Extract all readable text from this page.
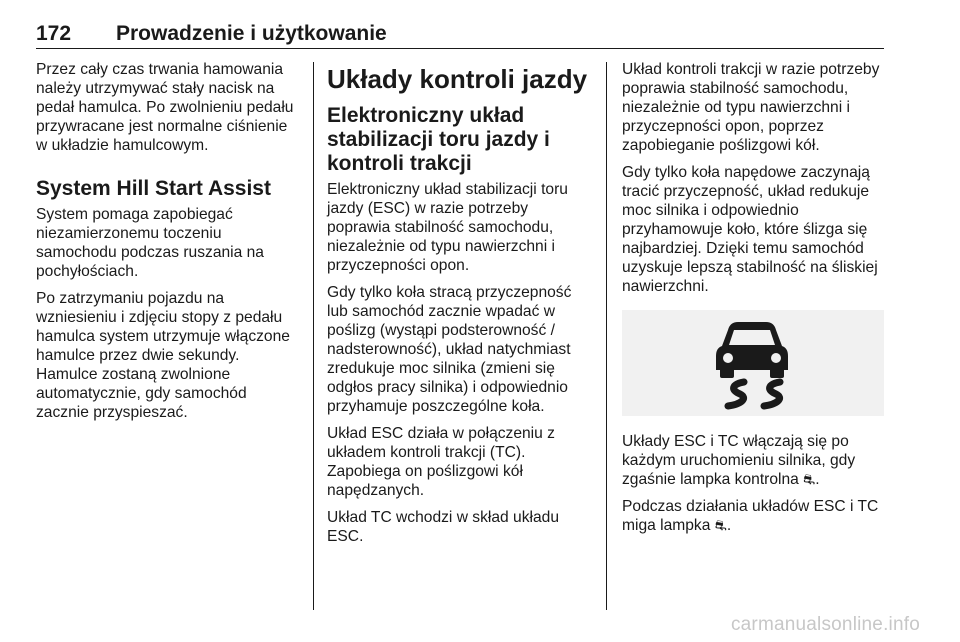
172 Prowadzenie i użytkowanie

Przez cały czas trwania hamowania należy utrzymywać stały nacisk na pedał hamulca. Po zwolnieniu pedału przywracane jest normalne ciśnienie w układzie hamulcowym.

System Hill Start Assist

System pomaga zapobiegać niezamierzonemu toczeniu samochodu podczas ruszania na pochyłościach.

Po zatrzymaniu pojazdu na wzniesieniu i zdjęciu stopy z pedału hamulca system utrzymuje włączone hamulce przez dwie sekundy. Hamulce zostaną zwolnione automatycznie, gdy samochód zacznie przyspieszać.

Układy kontroli jazdy
Elektroniczny układ stabilizacji toru jazdy i kontroli trakcji

Elektroniczny układ stabilizacji toru jazdy (ESC) w razie potrzeby poprawia stabilność samochodu, niezależnie od typu nawierzchni i przyczepności opon.

Gdy tylko koła stracą przyczepność lub samochód zacznie wpadać w poślizg (wystąpi podsterowność / nadsterowność), układ natychmiast zredukuje moc silnika (zmieni się odgłos pracy silnika) i odpowiednio przyhamuje poszczególne koła.

Układ ESC działa w połączeniu z układem kontroli trakcji (TC). Zapobiega on poślizgowi kół napędzanych.

Układ TC wchodzi w skład układu ESC.

Układ kontroli trakcji w razie potrzeby poprawia stabilność samochodu, niezależnie od typu nawierzchni i przyczepności opon, poprzez zapobieganie poślizgowi kół.

Gdy tylko koła napędowe zaczynają tracić przyczepność, układ redukuje moc silnika i odpowiednio przyhamowuje koło, które ślizga się najbardziej. Dzięki temu samochód uzyskuje lepszą stabilność na śliskiej nawierzchni.

Układy ESC i TC włączają się po każdym uruchomieniu silnika, gdy zgaśnie lampka kontrolna ⛐.

Podczas działania układów ESC i TC miga lampka ⛐.

carmanualsonline.info
